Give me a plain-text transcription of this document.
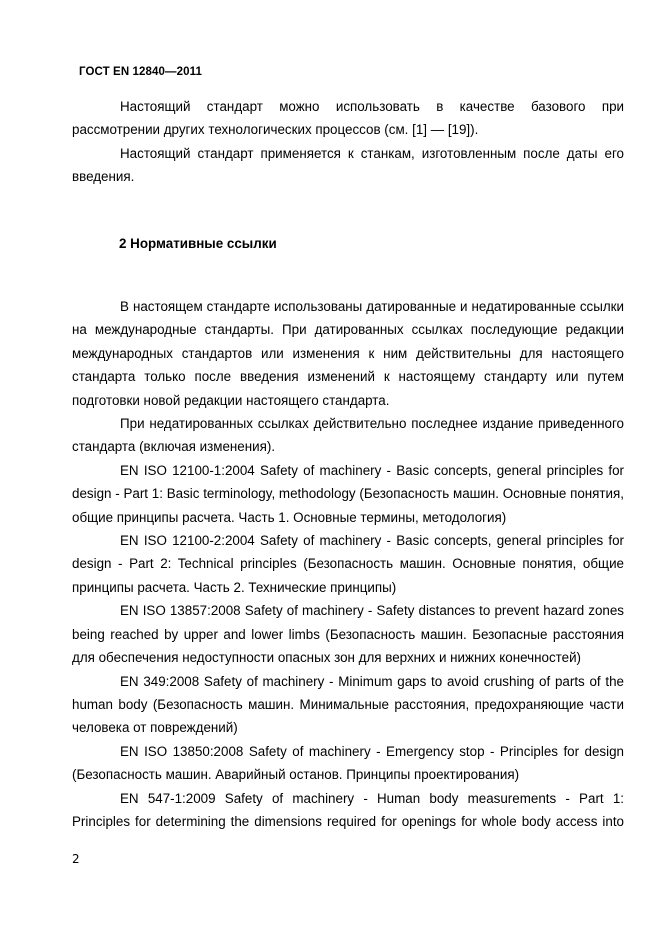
ГОСТ EN 12840—2011

Настоящий стандарт можно использовать в качестве базового при рассмотрении других технологических процессов (см. [1] — [19]).

Настоящий стандарт применяется к станкам, изготовленным после даты его введения.

2 Нормативные ссылки

В настоящем стандарте использованы датированные и недатированные ссылки на международные стандарты. При датированных ссылках последующие редакции международных стандартов или изменения к ним действительны для настоящего стандарта только после введения изменений к настоящему стандарту или путем подготовки новой редакции настоящего стандарта.

При недатированных ссылках действительно последнее издание приведенного стандарта (включая изменения).

EN ISO 12100-1:2004 Safety of machinery - Basic concepts, general principles for design - Part 1: Basic terminology, methodology (Безопасность машин. Основные понятия, общие принципы расчета. Часть 1. Основные термины, методология)

EN ISO 12100-2:2004 Safety of machinery - Basic concepts, general principles for design - Part 2: Technical principles (Безопасность машин. Основные понятия, общие принципы расчета. Часть 2. Технические принципы)

EN ISO 13857:2008 Safety of machinery - Safety distances to prevent hazard zones being reached by upper and lower limbs (Безопасность машин. Безопасные расстояния для обеспечения недоступности опасных зон для верхних и нижних конечностей)

EN 349:2008 Safety of machinery - Minimum gaps to avoid crushing of parts of the human body (Безопасность машин. Минимальные расстояния, предохраняющие части человека от повреждений)

EN ISO 13850:2008 Safety of machinery - Emergency stop - Principles for design (Безопасность машин. Аварийный останов. Принципы проектирования)

EN 547-1:2009 Safety of machinery - Human body measurements - Part 1: Principles for determining the dimensions required for openings for whole body access into

2
